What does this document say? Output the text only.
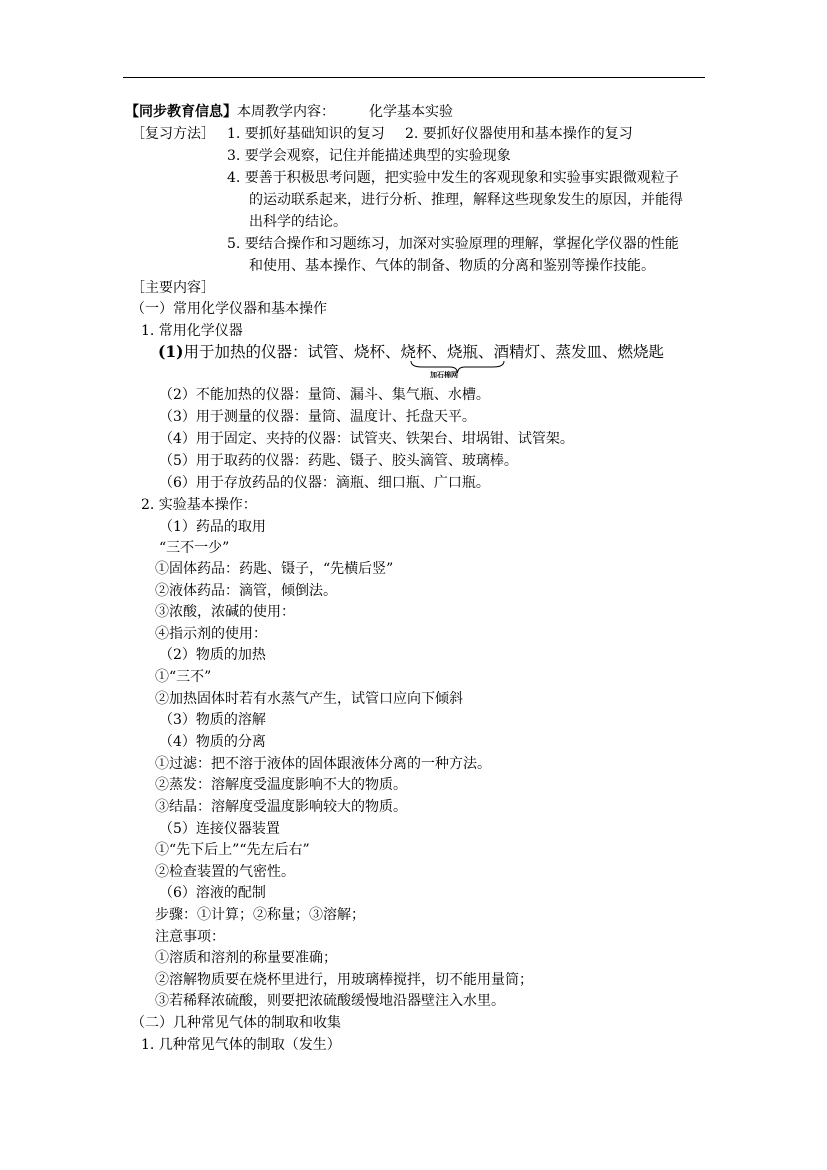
【同步教育信息】本周教学内容： 化学基本实验
［复习方法］ 1. 要抓好基础知识的复习 2. 要抓好仪器使用和基本操作的复习
3. 要学会观察，记住并能描述典型的实验现象
4. 要善于积极思考问题，把实验中发生的客观现象和实验事实跟微观粒子
的运动联系起来，进行分析、推理，解释这些现象发生的原因，并能得
出科学的结论。
5. 要结合操作和习题练习，加深对实验原理的理解，掌握化学仪器的性能
和使用、基本操作、气体的制备、物质的分离和鉴别等操作技能。
［主要内容］
（一）常用化学仪器和基本操作
1. 常用化学仪器
(1)用于加热的仪器：试管、烧杯、烧杯、烧瓶、酒精灯、蒸发皿、燃烧匙
加石棉网
（2）不能加热的仪器：量筒、漏斗、集气瓶、水槽。
（3）用于测量的仪器：量筒、温度计、托盘天平。
（4）用于固定、夹持的仪器：试管夹、铁架台、坩埚钳、试管架。
（5）用于取药的仪器：药匙、镊子、胶头滴管、玻璃棒。
（6）用于存放药品的仪器：滴瓶、细口瓶、广口瓶。
2. 实验基本操作：
（1）药品的取用
“三不一少”
①固体药品：药匙、镊子，“先横后竖”
②液体药品：滴管，倾倒法。
③浓酸，浓碱的使用：
④指示剂的使用：
（2）物质的加热
①“三不”
②加热固体时若有水蒸气产生，试管口应向下倾斜
（3）物质的溶解
（4）物质的分离
①过滤：把不溶于液体的固体跟液体分离的一种方法。
②蒸发：溶解度受温度影响不大的物质。
③结晶：溶解度受温度影响较大的物质。
（5）连接仪器装置
①“先下后上”“先左后右”
②检查装置的气密性。
（6）溶液的配制
步骤：①计算；②称量；③溶解；
注意事项：
①溶质和溶剂的称量要准确；
②溶解物质要在烧杯里进行，用玻璃棒搅拌，切不能用量筒；
③若稀释浓硫酸，则要把浓硫酸缓慢地沿器壁注入水里。
（二）几种常见气体的制取和收集
1. 几种常见气体的制取（发生）
